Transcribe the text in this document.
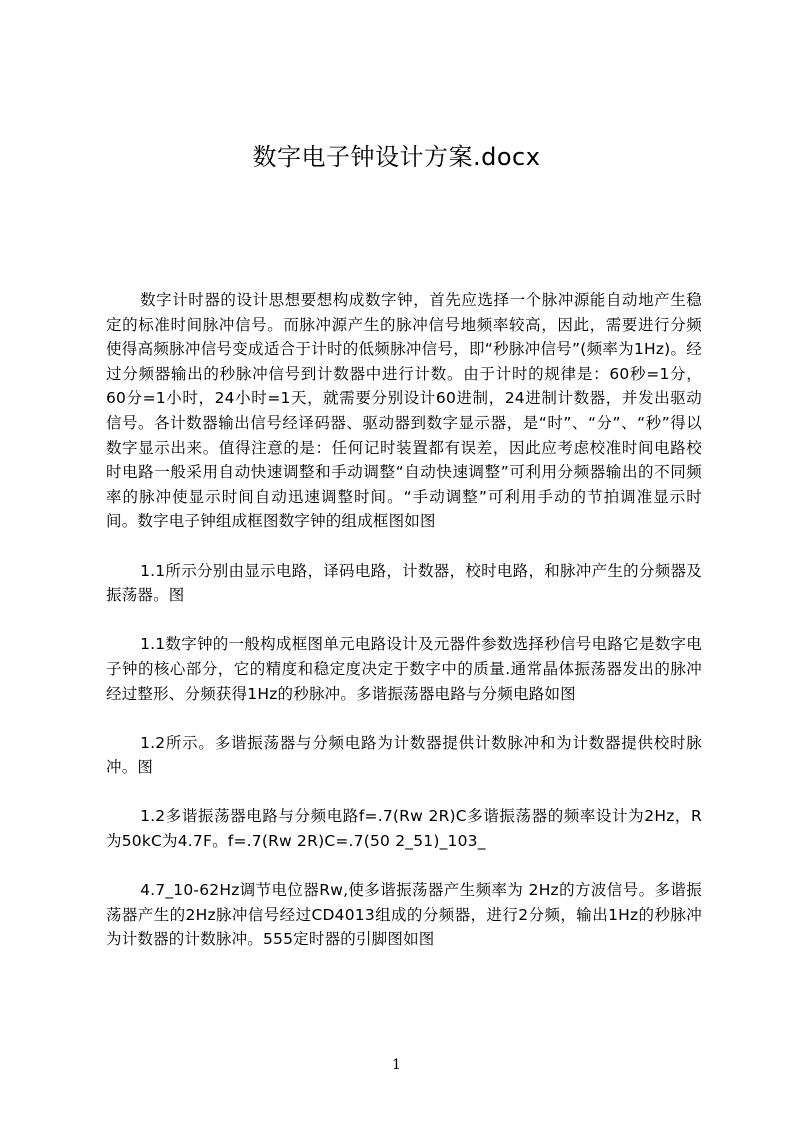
数字电子钟设计方案.docx

数字计时器的设计思想要想构成数字钟，首先应选择一个脉冲源能自动地产生稳定的标准时间脉冲信号。而脉冲源产生的脉冲信号地频率较高，因此，需要进行分频使得高频脉冲信号变成适合于计时的低频脉冲信号，即“秒脉冲信号”(频率为1Hz)。经过分频器输出的秒脉冲信号到计数器中进行计数。由于计时的规律是：60秒=1分，60分=1小时，24小时=1天，就需要分别设计60进制，24进制计数器，并发出驱动信号。各计数器输出信号经译码器、驱动器到数字显示器，是“时”、“分”、“秒”得以数字显示出来。值得注意的是：任何记时装置都有误差，因此应考虑校准时间电路校时电路一般采用自动快速调整和手动调整“自动快速调整”可利用分频器输出的不同频率的脉冲使显示时间自动迅速调整时间。“手动调整”可利用手动的节拍调准显示时间。数字电子钟组成框图数字钟的组成框图如图

1.1所示分别由显示电路，译码电路，计数器，校时电路，和脉冲产生的分频器及振荡器。图

1.1数字钟的一般构成框图单元电路设计及元器件参数选择秒信号电路它是数字电子钟的核心部分，它的精度和稳定度决定于数字中的质量.通常晶体振荡器发出的脉冲经过整形、分频获得1Hz的秒脉冲。多谐振荡器电路与分频电路如图

1.2所示。多谐振荡器与分频电路为计数器提供计数脉冲和为计数器提供校时脉冲。图

1.2多谐振荡器电路与分频电路f=.7(Rw 2R)C多谐振荡器的频率设计为2Hz，R为50kC为4.7F。f=.7(Rw 2R)C=.7(50 2_51)_103_

4.7_10-62Hz调节电位器Rw,使多谐振荡器产生频率为 2Hz的方波信号。多谐振荡器产生的2Hz脉冲信号经过CD4013组成的分频器，进行2分频，输出1Hz的秒脉冲为计数器的计数脉冲。555定时器的引脚图如图

1
